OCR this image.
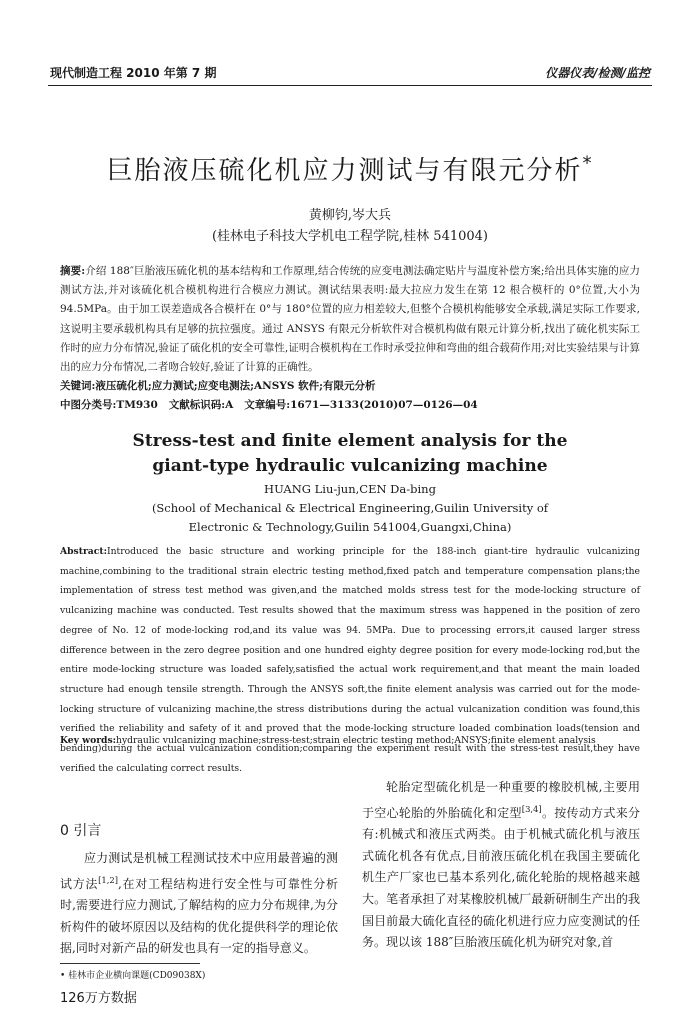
现代制造工程 2010 年第 7 期	仪器仪表/检测/监控
巨胎液压硫化机应力测试与有限元分析*
黄柳钧,岑大兵
(桂林电子科技大学机电工程学院,桂林 541004)
摘要:介绍 188″巨胎液压硫化机的基本结构和工作原理,结合传统的应变电测法确定贴片与温度补偿方案;给出具体实施的应力测试方法,并对该硫化机合模机构进行合模应力测试。测试结果表明:最大拉应力发生在第 12 根合模杆的 0°位置,大小为 94.5MPa。由于加工误差造成各合模杆在 0°与 180°位置的应力相差较大,但整个合模机构能够安全承载,满足实际工作要求,这说明主要承载机构具有足够的抗拉强度。通过 ANSYS 有限元分析软件对合模机构做有限元计算分析,找出了硫化机实际工作时的应力分布情况,验证了硫化机的安全可靠性,证明合模机构在工作时承受拉伸和弯曲的组合载荷作用;对比实验结果与计算出的应力分布情况,二者吻合较好,验证了计算的正确性。
关键词:液压硫化机;应力测试;应变电测法;ANSYS 软件;有限元分析
中图分类号:TM930 文献标识码:A 文章编号:1671—3133(2010)07—0126—04
Stress-test and finite element analysis for the
giant-type hydraulic vulcanizing machine
HUANG Liu-jun,CEN Da-bing
(School of Mechanical & Electrical Engineering,Guilin University of
Electronic & Technology,Guilin 541004,Guangxi,China)
Abstract:Introduced the basic structure and working principle for the 188-inch giant-tire hydraulic vulcanizing machine,combining to the traditional strain electric testing method,fixed patch and temperature compensation plans;the implementation of stress test method was given,and the matched molds stress test for the mode-locking structure of vulcanizing machine was conducted. Test results showed that the maximum stress was happened in the position of zero degree of No. 12 of mode-locking rod,and its value was 94. 5MPa. Due to processing errors,it caused larger stress difference between in the zero degree position and one hundred eighty degree position for every mode-locking rod,but the entire mode-locking structure was loaded safely,satisfied the actual work requirement,and that meant the main loaded structure had enough tensile strength. Through the ANSYS soft,the finite element analysis was carried out for the mode-locking structure of vulcanizing machine,the stress distributions during the actual vulcanization condition was found,this verified the reliability and safety of it and proved that the mode-locking structure loaded combination loads(tension and bending)during the actual vulcanization condition;comparing the experiment result with the stress-test result,they have verified the calculating correct results.
Key words:hydraulic vulcanizing machine;stress-test;strain electric testing method;ANSYS;finite element analysis
0 引言
应力测试是机械工程测试技术中应用最普遍的测试方法[1,2],在对工程结构进行安全性与可靠性分析时,需要进行应力测试,了解结构的应力分布规律,为分析构件的破坏原因以及结构的优化提供科学的理论依据,同时对新产品的研发也具有一定的指导意义。
轮胎定型硫化机是一种重要的橡胶机械,主要用于空心轮胎的外胎硫化和定型[3,4]。按传动方式来分有:机械式和液压式两类。由于机械式硫化机与液压式硫化机各有优点,目前液压硫化机在我国主要硫化机生产厂家也已基本系列化,硫化轮胎的规格越来越大。笔者承担了对某橡胶机械厂最新研制生产出的我国目前最大硫化直径的硫化机进行应力应变测试的任务。现以该 188″巨胎液压硫化机为研究对象,首
• 桂林市企业横向课题(CD09038X)
126万方数据
